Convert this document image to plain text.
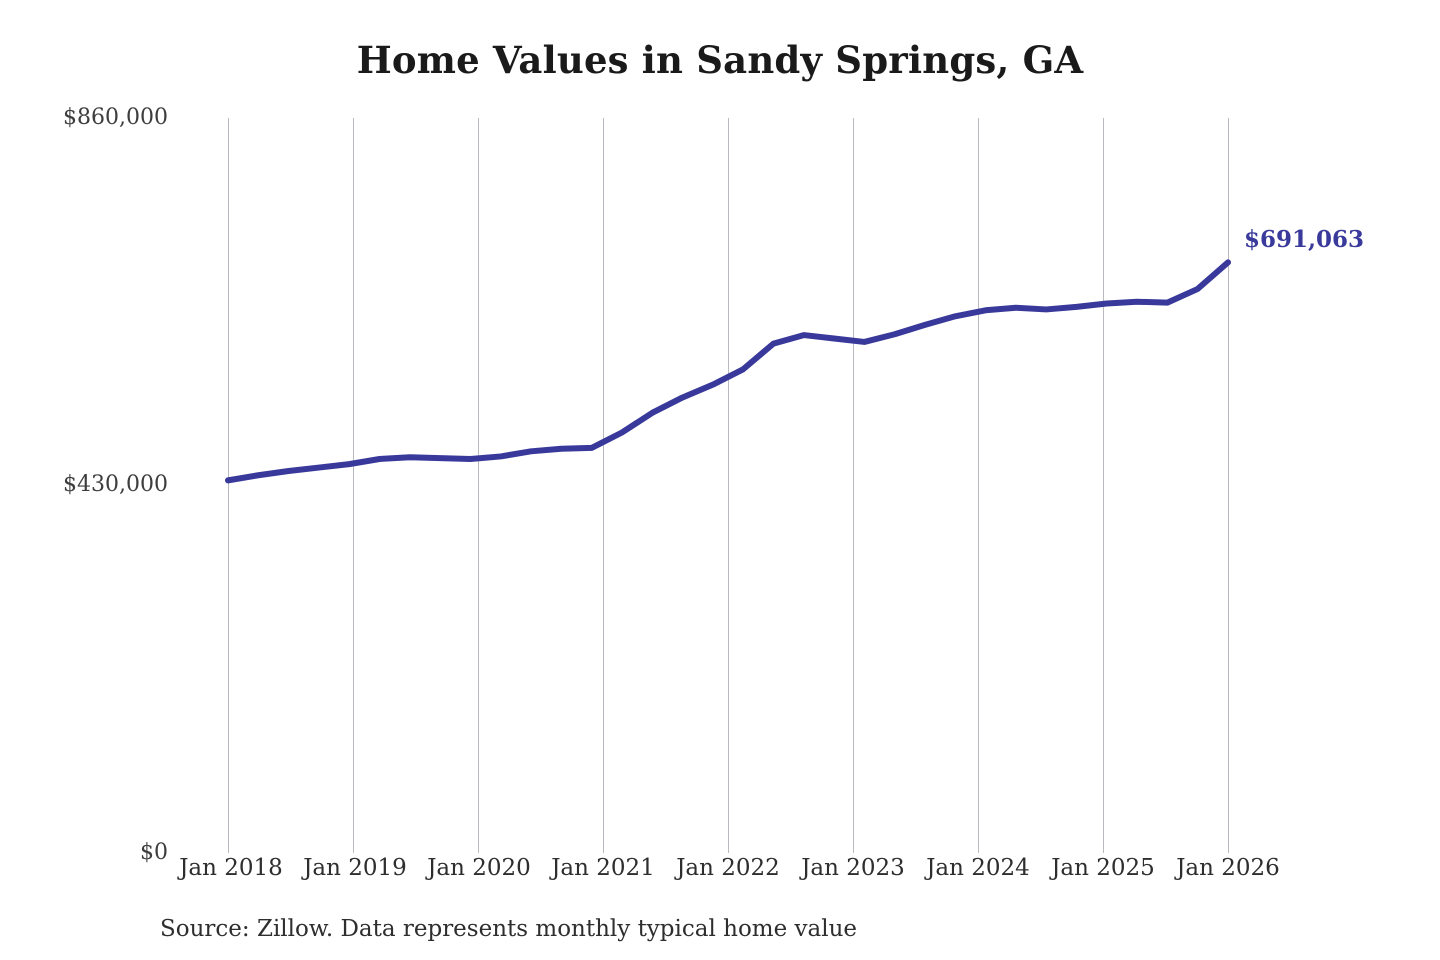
Home Values in Sandy Springs, GA
$691,063
$860,000
$430,000
$0
Jan 2018 Jan 2019 Jan 2020 Jan 2021 Jan 2022 Jan 2023 Jan 2024 Jan 2025 Jan 2026
Source: Zillow. Data represents monthly typical home value
